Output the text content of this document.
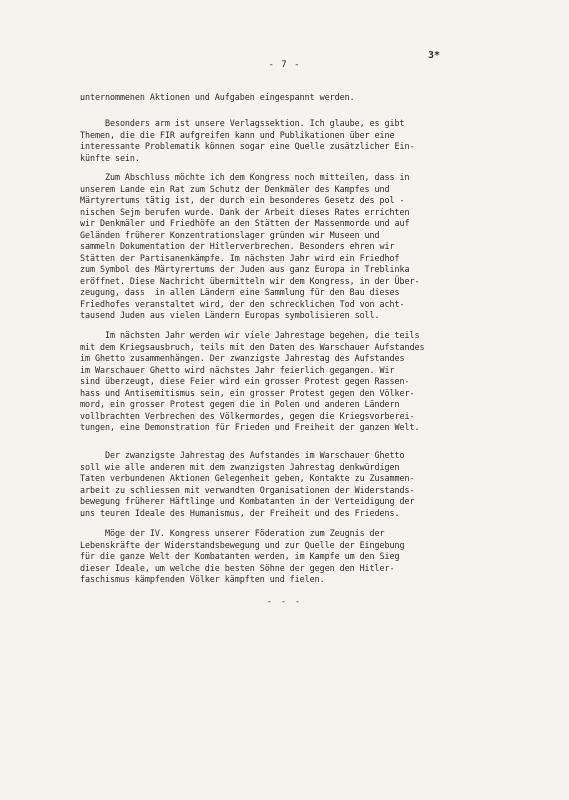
- 7 -
3*
unternommenen Aktionen und Aufgaben eingespannt werden.
Besonders arm ist unsere Verlagssektion. Ich glaube, es gibt
Themen, die die FIR aufgreifen kann und Publikationen über eine
interessante Problematik können sogar eine Quelle zusätzlicher Ein-
künfte sein.
Zum Abschluss möchte ich dem Kongress noch mitteilen, dass in
unserem Lande ein Rat zum Schutz der Denkmäler des Kampfes und
Märtyrertums tätig ist, der durch ein besonderes Gesetz des pol -
nischen Sejm berufen wurde. Dank der Arbeit dieses Rates errichten
wir Denkmäler und Friedhöfe an den Stätten der Massenmorde und auf
Geländen früherer Konzentrationslager gründen wir Museen und
sammeln Dokumentation der Hitlerverbrechen. Besonders ehren wir
Stätten der Partisanenkämpfe. Im nächsten Jahr wird ein Friedhof
zum Symbol des Märtyrertums der Juden aus ganz Europa in Treblinka
eröffnet. Diese Nachricht übermitteln wir dem Kongress, in der Über-
zeugung, dass  in allen Ländern eine Sammlung für den Bau dieses
Friedhofes veranstaltet wird, der den schrecklichen Tod von acht-
tausend Juden aus vielen Ländern Europas symbolisieren soll.
Im nächsten Jahr werden wir viele Jahrestage begehen, die teils
mit dem Kriegsausbruch, teils mit den Daten des Warschauer Aufstandes
im Ghetto zusammenhängen. Der zwanzigste Jahrestag des Aufstandes
im Warschauer Ghetto wird nächstes Jahr feierlich gegangen. Wir
sind überzeugt, diese Feier wird ein grosser Protest gegen Rassen-
hass und Antisemitismus sein, ein grosser Protest gegen den Völker-
mord, ein grosser Protest gegen die in Polen und anderen Ländern
vollbrachten Verbrechen des Völkermordes, gegen die Kriegsvorberei-
tungen, eine Demonstration für Frieden und Freiheit der ganzen Welt.
Der zwanzigste Jahrestag des Aufstandes im Warschauer Ghetto
soll wie alle anderen mit dem zwanzigsten Jahrestag denkwürdigen
Taten verbundenen Aktionen Gelegenheit geben, Kontakte zu Zusammen-
arbeit zu schliessen mit verwandten Organisationen der Widerstands-
bewegung früherer Häftlinge und Kombatanten in der Verteidigung der
uns teuren Ideale des Humanismus, der Freiheit und des Friedens.
Möge der IV. Kongress unserer Föderation zum Zeugnis der
Lebenskräfte der Widerstandsbewegung und zur Quelle der Eingebung
für die ganze Welt der Kombatanten werden, im Kampfe um den Sieg
dieser Ideale, um welche die besten Söhne der gegen den Hitler-
faschismus kämpfenden Völker kämpften und fielen.
- - -
